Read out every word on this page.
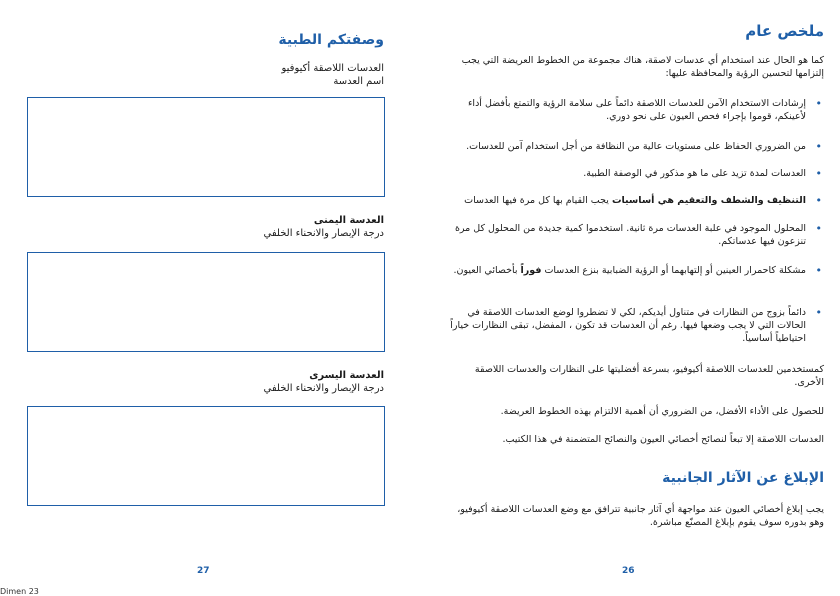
وصفتكم الطبية
العدسات اللاصقة أكيوفيو
اسم العدسة
العدسة اليمنى
درجة الإبصار والانحناء الخلفي
العدسة اليسرى
درجة الإبصار والانحناء الخلفي
27
ملخص عام
كما هو الحال عند استخدام أي عدسات لاصقة، هناك مجموعة من الخطوط العريضة التي يجب إلتزامها لتحسين الرؤية والمحافظة عليها:
•
إرشادات الاستخدام الآمن للعدسات اللاصقة دائماً على سلامة الرؤية والتمتع بأفضل أداء لأعينكم، قوموا بإجراء فحص العيون على نحو دوري.
•
من الضروري الحفاظ على مستويات عالية من النظافة من أجل استخدام آمن للعدسات.
•
العدسات لمدة تزيد على ما هو مذكور في الوصفة الطبية.
•
التنظيف والشطف والتعقيم هي أساسيات يجب القيام بها كل مرة فيها العدسات
•
المحلول الموجود في علبة العدسات مرة ثانية. استخدموا كمية جديدة من المحلول كل مرة تنزعون فيها عدساتكم.
•
مشكلة كاحمرار العينين أو إلتهابهما أو الرؤية الضبابية بنزع العدسات فوراً بأخصائي العيون.
•
دائماً بزوج من النظارات في متناول أيديكم، لكي لا تضطروا لوضع العدسات اللاصقة في الحالات التي لا يجب وضعها فيها. رغم أن العدسات قد تكون ، المفضل، تبقى النظارات خياراً احتياطياً أساسياً.
كمستخدمين للعدسات اللاصقة أكيوفيو، بسرعة أفضليتها على النظارات والعدسات اللاصقة الأخرى.
للحصول على الأداء الأفضل، من الضروري أن أهمية الالتزام بهذه الخطوط العريضة.
العدسات اللاصقة إلا تبعاً لنصائح أخصائي العيون والنصائح المتضمنة في هذا الكتيب.
الإبلاغ عن الآثار الجانبية
يجب إبلاغ أخصائي العيون عند مواجهة أي آثار جانبية تترافق مع وضع العدسات اللاصقة أكيوفيو، وهو بدوره سوف يقوم بإبلاغ المصنّع مباشرة.
26
Dimen 23
